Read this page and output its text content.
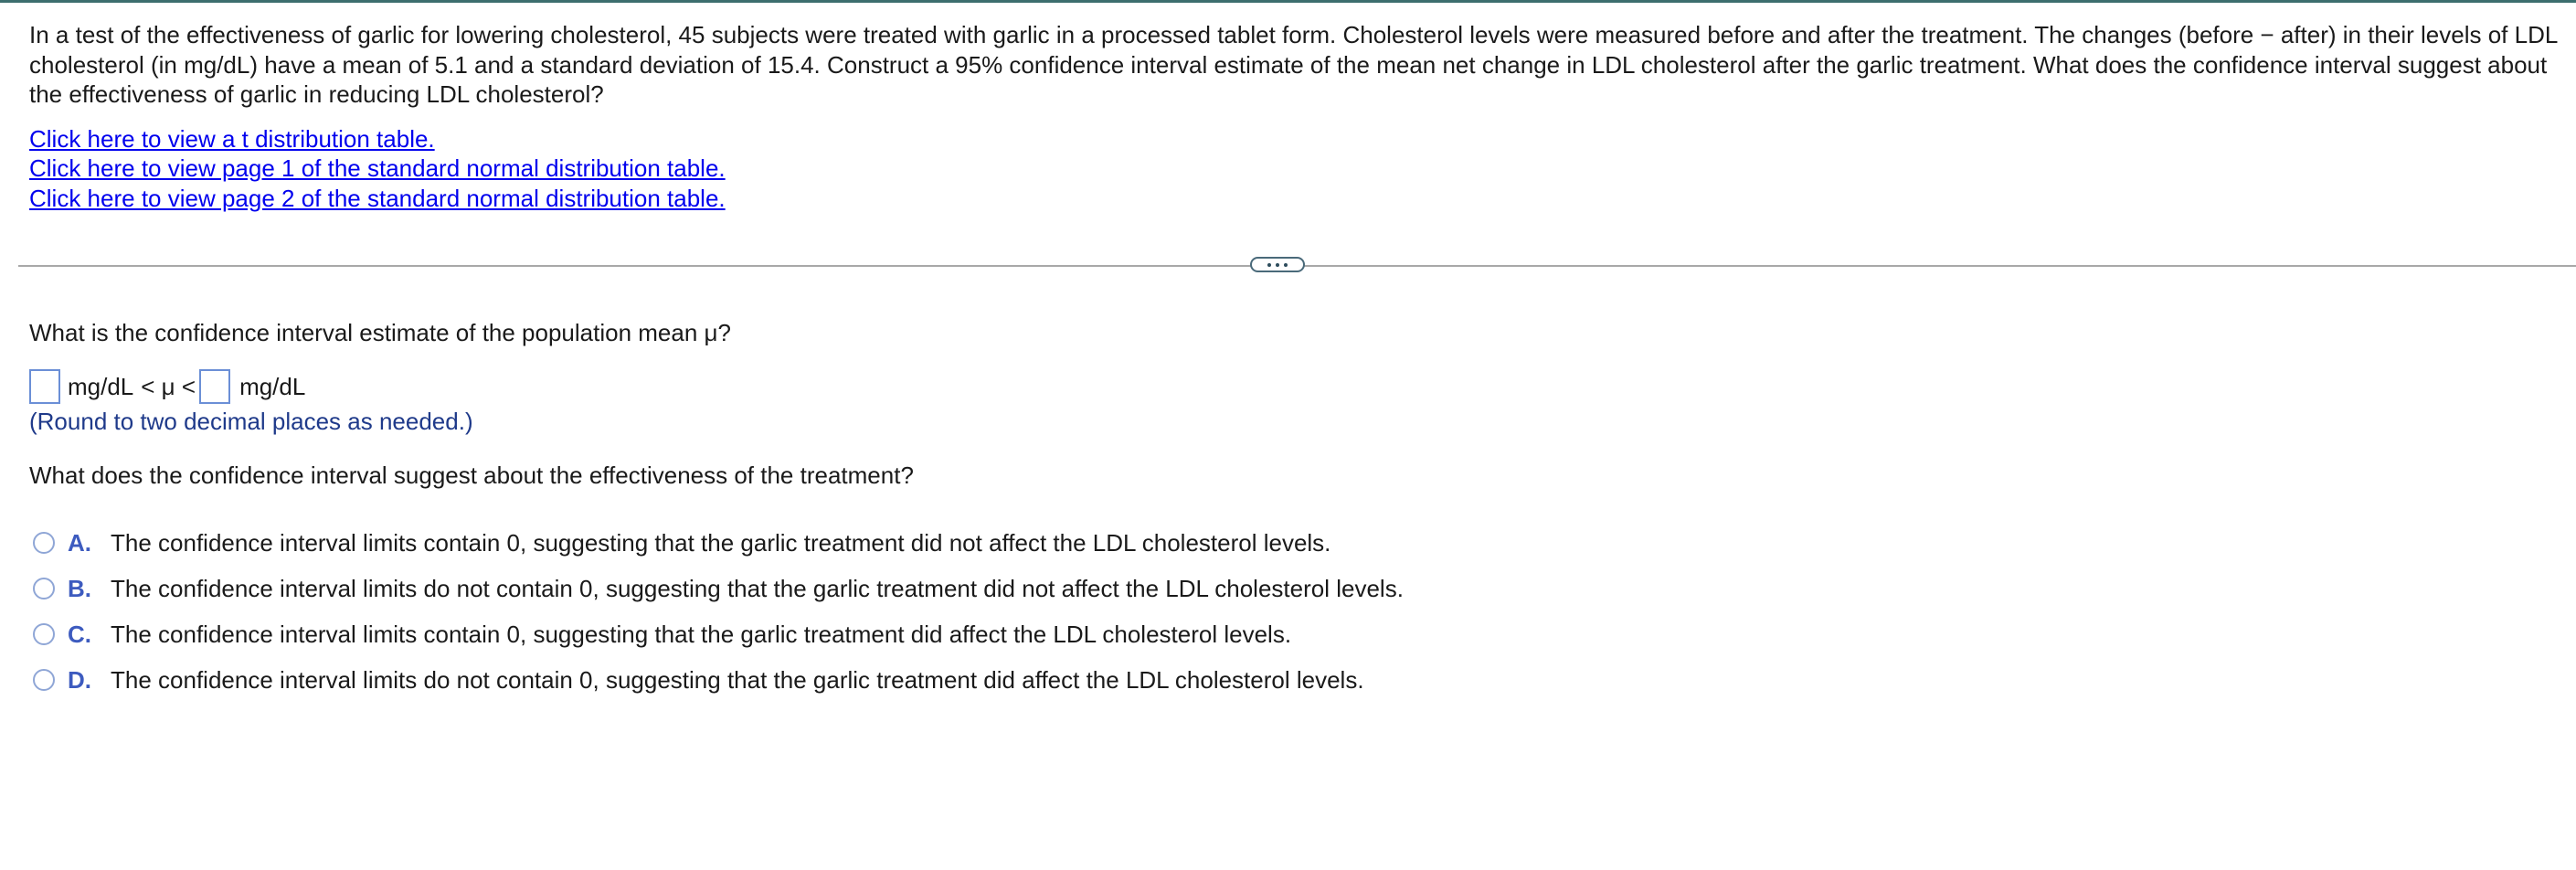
In a test of the effectiveness of garlic for lowering cholesterol, 45 subjects were treated with garlic in a processed tablet form. Cholesterol levels were measured before and after the treatment. The changes (before − after) in their levels of LDL cholesterol (in mg/dL) have a mean of 5.1 and a standard deviation of 15.4. Construct a 95% confidence interval estimate of the mean net change in LDL cholesterol after the garlic treatment. What does the confidence interval suggest about the effectiveness of garlic in reducing LDL cholesterol?

Click here to view a t distribution table.
Click here to view page 1 of the standard normal distribution table.
Click here to view page 2 of the standard normal distribution table.
What is the confidence interval estimate of the population mean μ?
mg/dL < μ < mg/dL
(Round to two decimal places as needed.)
What does the confidence interval suggest about the effectiveness of the treatment?
A. The confidence interval limits contain 0, suggesting that the garlic treatment did not affect the LDL cholesterol levels.
B. The confidence interval limits do not contain 0, suggesting that the garlic treatment did not affect the LDL cholesterol levels.
C. The confidence interval limits contain 0, suggesting that the garlic treatment did affect the LDL cholesterol levels.
D. The confidence interval limits do not contain 0, suggesting that the garlic treatment did affect the LDL cholesterol levels.
